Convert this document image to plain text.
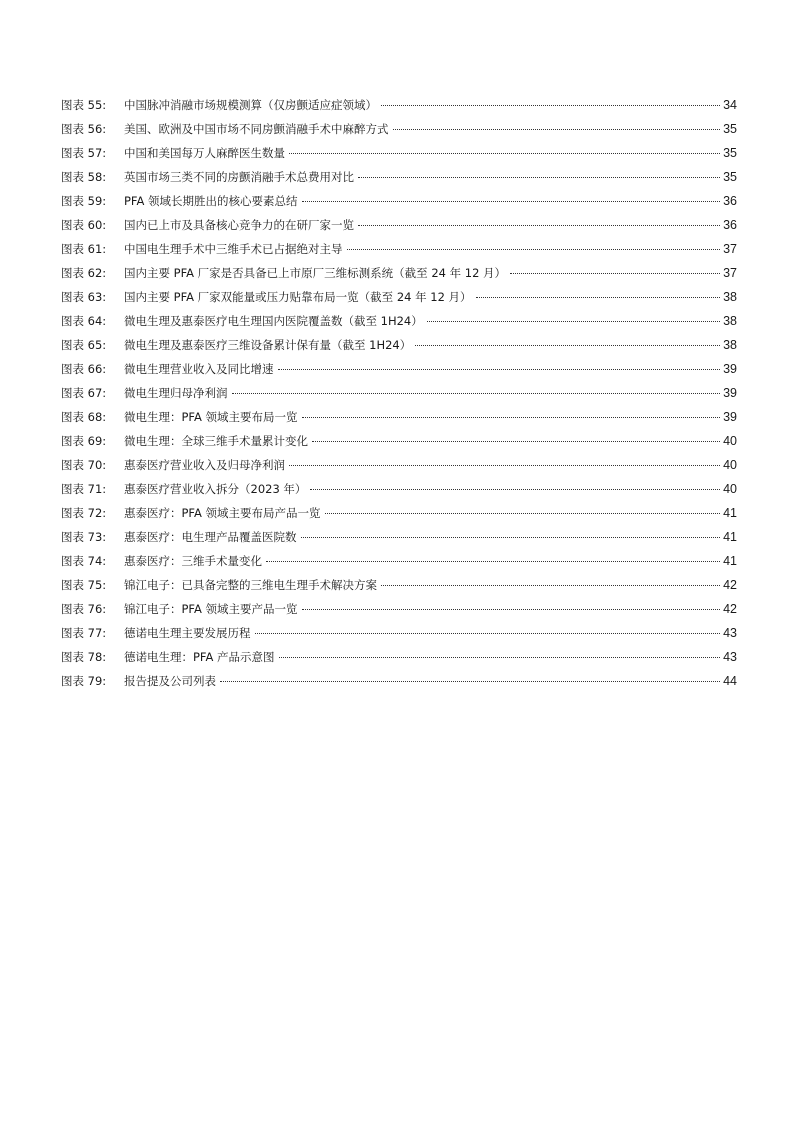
图表 55:	中国脉冲消融市场规模测算（仅房颤适应症领域）	34
图表 56:	美国、欧洲及中国市场不同房颤消融手术中麻醉方式	35
图表 57:	中国和美国每万人麻醉医生数量	35
图表 58:	英国市场三类不同的房颤消融手术总费用对比	35
图表 59:	PFA 领域长期胜出的核心要素总结	36
图表 60:	国内已上市及具备核心竞争力的在研厂家一览	36
图表 61:	中国电生理手术中三维手术已占据绝对主导	37
图表 62:	国内主要 PFA 厂家是否具备已上市原厂三维标测系统（截至 24 年 12 月）	37
图表 63:	国内主要 PFA 厂家双能量或压力贴靠布局一览（截至 24 年 12 月）	38
图表 64:	微电生理及惠泰医疗电生理国内医院覆盖数（截至 1H24）	38
图表 65:	微电生理及惠泰医疗三维设备累计保有量（截至 1H24）	38
图表 66:	微电生理营业收入及同比增速	39
图表 67:	微电生理归母净利润	39
图表 68:	微电生理：PFA 领域主要布局一览	39
图表 69:	微电生理：全球三维手术量累计变化	40
图表 70:	惠泰医疗营业收入及归母净利润	40
图表 71:	惠泰医疗营业收入拆分（2023 年）	40
图表 72:	惠泰医疗：PFA 领域主要布局产品一览	41
图表 73:	惠泰医疗：电生理产品覆盖医院数	41
图表 74:	惠泰医疗：三维手术量变化	41
图表 75:	锦江电子：已具备完整的三维电生理手术解决方案	42
图表 76:	锦江电子：PFA 领域主要产品一览	42
图表 77:	德诺电生理主要发展历程	43
图表 78:	德诺电生理：PFA 产品示意图	43
图表 79:	报告提及公司列表	44
